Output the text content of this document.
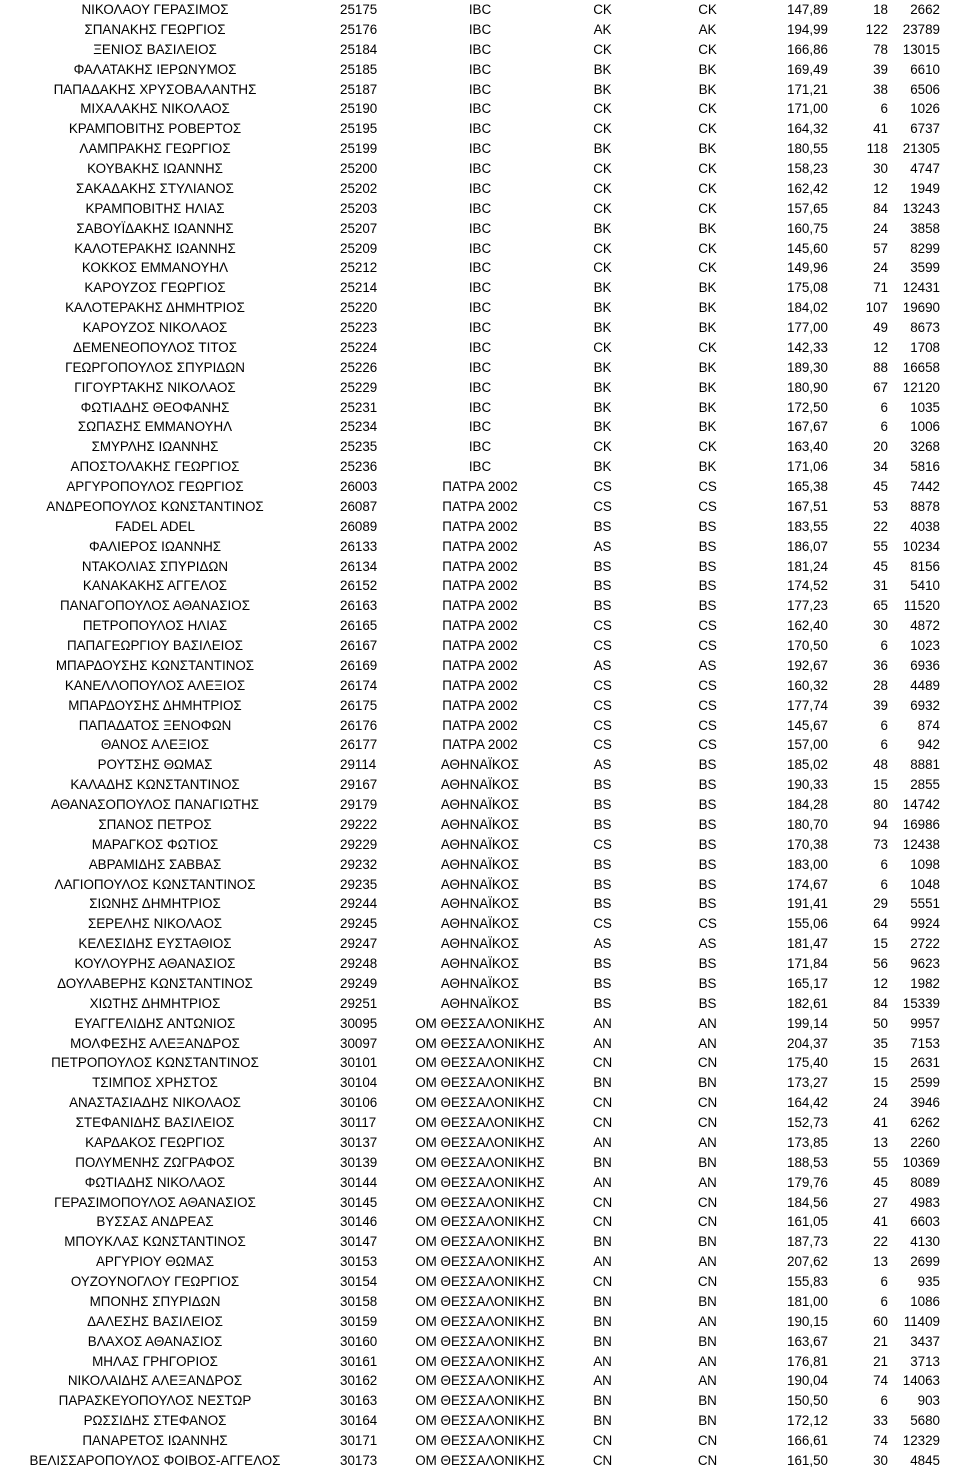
ΝΙΚΟΛΑΟΥ ΓΕΡΑΣΙΜΟΣ	25175	IBC	CK	CK	147,89	18	2662
ΣΠΑΝΑΚΗΣ ΓΕΩΡΓΙΟΣ	25176	IBC	AK	AK	194,99	122	23789
ΞΕΝΙΟΣ ΒΑΣΙΛΕΙΟΣ	25184	IBC	CK	CK	166,86	78	13015
ΦΑΛΑΤΑΚΗΣ ΙΕΡΩΝΥΜΟΣ	25185	IBC	BK	BK	169,49	39	6610
ΠΑΠΑΔΑΚΗΣ ΧΡΥΣΟΒΑΛΑΝΤΗΣ	25187	IBC	BK	BK	171,21	38	6506
ΜΙΧΑΛΑΚΗΣ ΝΙΚΟΛΑΟΣ	25190	IBC	CK	CK	171,00	6	1026
ΚΡΑΜΠΟΒΙΤΗΣ ΡΟΒΕΡΤΟΣ	25195	IBC	CK	CK	164,32	41	6737
ΛΑΜΠΡΑΚΗΣ ΓΕΩΡΓΙΟΣ	25199	IBC	BK	BK	180,55	118	21305
ΚΟΥΒΑΚΗΣ ΙΩΑΝΝΗΣ	25200	IBC	CK	CK	158,23	30	4747
ΣΑΚΑΔΑΚΗΣ ΣΤΥΛΙΑΝΟΣ	25202	IBC	CK	CK	162,42	12	1949
ΚΡΑΜΠΟΒΙΤΗΣ ΗΛΙΑΣ	25203	IBC	CK	CK	157,65	84	13243
ΣΑΒΟΥΪΔΑΚΗΣ ΙΩΑΝΝΗΣ	25207	IBC	BK	BK	160,75	24	3858
ΚΑΛΟΤΕΡΑΚΗΣ ΙΩΑΝΝΗΣ	25209	IBC	CK	CK	145,60	57	8299
ΚΟΚΚΟΣ ΕΜΜΑΝΟΥΗΛ	25212	IBC	CK	CK	149,96	24	3599
ΚΑΡΟΥΖΟΣ ΓΕΩΡΓΙΟΣ	25214	IBC	BK	BK	175,08	71	12431
ΚΑΛΟΤΕΡΑΚΗΣ ΔΗΜΗΤΡΙΟΣ	25220	IBC	BK	BK	184,02	107	19690
ΚΑΡΟΥΖΟΣ ΝΙΚΟΛΑΟΣ	25223	IBC	BK	BK	177,00	49	8673
ΔΕΜΕΝΕΟΠΟΥΛΟΣ ΤΙΤΟΣ	25224	IBC	CK	CK	142,33	12	1708
ΓΕΩΡΓΟΠΟΥΛΟΣ ΣΠΥΡΙΔΩΝ	25226	IBC	BK	BK	189,30	88	16658
ΓΙΓΟΥΡΤΑΚΗΣ ΝΙΚΟΛΑΟΣ	25229	IBC	BK	BK	180,90	67	12120
ΦΩΤΙΑΔΗΣ ΘΕΟΦΑΝΗΣ	25231	IBC	BK	BK	172,50	6	1035
ΣΩΠΑΣΗΣ ΕΜΜΑΝΟΥΗΛ	25234	IBC	BK	BK	167,67	6	1006
ΣΜΥΡΛΗΣ ΙΩΑΝΝΗΣ	25235	IBC	CK	CK	163,40	20	3268
ΑΠΟΣΤΟΛΑΚΗΣ ΓΕΩΡΓΙΟΣ	25236	IBC	BK	BK	171,06	34	5816
ΑΡΓΥΡΟΠΟΥΛΟΣ ΓΕΩΡΓΙΟΣ	26003	ΠΑΤΡΑ 2002	CS	CS	165,38	45	7442
ΑΝΔΡΕΟΠΟΥΛΟΣ ΚΩΝΣΤΑΝΤΙΝΟΣ	26087	ΠΑΤΡΑ 2002	CS	CS	167,51	53	8878
FADEL ADEL	26089	ΠΑΤΡΑ 2002	BS	BS	183,55	22	4038
ΦΑΛΙΕΡΟΣ ΙΩΑΝΝΗΣ	26133	ΠΑΤΡΑ 2002	AS	BS	186,07	55	10234
ΝΤΑΚΟΛΙΑΣ ΣΠΥΡΙΔΩΝ	26134	ΠΑΤΡΑ 2002	BS	BS	181,24	45	8156
ΚΑΝΑΚΑΚΗΣ ΑΓΓΕΛΟΣ	26152	ΠΑΤΡΑ 2002	BS	BS	174,52	31	5410
ΠΑΝΑΓΟΠΟΥΛΟΣ ΑΘΑΝΑΣΙΟΣ	26163	ΠΑΤΡΑ 2002	BS	BS	177,23	65	11520
ΠΕΤΡΟΠΟΥΛΟΣ ΗΛΙΑΣ	26165	ΠΑΤΡΑ 2002	CS	CS	162,40	30	4872
ΠΑΠΑΓΕΩΡΓΙΟΥ ΒΑΣΙΛΕΙΟΣ	26167	ΠΑΤΡΑ 2002	CS	CS	170,50	6	1023
ΜΠΑΡΔΟΥΣΗΣ ΚΩΝΣΤΑΝΤΙΝΟΣ	26169	ΠΑΤΡΑ 2002	AS	AS	192,67	36	6936
ΚΑΝΕΛΛΟΠΟΥΛΟΣ ΑΛΕΞΙΟΣ	26174	ΠΑΤΡΑ 2002	CS	CS	160,32	28	4489
ΜΠΑΡΔΟΥΣΗΣ ΔΗΜΗΤΡΙΟΣ	26175	ΠΑΤΡΑ 2002	CS	CS	177,74	39	6932
ΠΑΠΑΔΑΤΟΣ ΞΕΝΟΦΩΝ	26176	ΠΑΤΡΑ 2002	CS	CS	145,67	6	874
ΘΑΝΟΣ ΑΛΕΞΙΟΣ	26177	ΠΑΤΡΑ 2002	CS	CS	157,00	6	942
ΡΟΥΤΣΗΣ ΘΩΜΑΣ	29114	ΑΘΗΝΑΪΚΟΣ	AS	BS	185,02	48	8881
ΚΑΛΑΔΗΣ ΚΩΝΣΤΑΝΤΙΝΟΣ	29167	ΑΘΗΝΑΪΚΟΣ	BS	BS	190,33	15	2855
ΑΘΑΝΑΣΟΠΟΥΛΟΣ ΠΑΝΑΓΙΩΤΗΣ	29179	ΑΘΗΝΑΪΚΟΣ	BS	BS	184,28	80	14742
ΣΠΑΝΟΣ ΠΕΤΡΟΣ	29222	ΑΘΗΝΑΪΚΟΣ	BS	BS	180,70	94	16986
ΜΑΡΑΓΚΟΣ ΦΩΤΙΟΣ	29229	ΑΘΗΝΑΪΚΟΣ	CS	BS	170,38	73	12438
ΑΒΡΑΜΙΔΗΣ ΣΑΒΒΑΣ	29232	ΑΘΗΝΑΪΚΟΣ	BS	BS	183,00	6	1098
ΛΑΓΙΟΠΟΥΛΟΣ ΚΩΝΣΤΑΝΤΙΝΟΣ	29235	ΑΘΗΝΑΪΚΟΣ	BS	BS	174,67	6	1048
ΣΙΩΝΗΣ ΔΗΜΗΤΡΙΟΣ	29244	ΑΘΗΝΑΪΚΟΣ	BS	BS	191,41	29	5551
ΣΕΡΕΛΗΣ ΝΙΚΟΛΑΟΣ	29245	ΑΘΗΝΑΪΚΟΣ	CS	CS	155,06	64	9924
ΚΕΛΕΣΙΔΗΣ ΕΥΣΤΑΘΙΟΣ	29247	ΑΘΗΝΑΪΚΟΣ	AS	AS	181,47	15	2722
ΚΟΥΛΟΥΡΗΣ ΑΘΑΝΑΣΙΟΣ	29248	ΑΘΗΝΑΪΚΟΣ	BS	BS	171,84	56	9623
ΔΟΥΛΑΒΕΡΗΣ ΚΩΝΣΤΑΝΤΙΝΟΣ	29249	ΑΘΗΝΑΪΚΟΣ	BS	BS	165,17	12	1982
ΧΙΩΤΗΣ ΔΗΜΗΤΡΙΟΣ	29251	ΑΘΗΝΑΪΚΟΣ	BS	BS	182,61	84	15339
ΕΥΑΓΓΕΛΙΔΗΣ ΑΝΤΩΝΙΟΣ	30095	ΟΜ ΘΕΣΣΑΛΟΝΙΚΗΣ	AN	AN	199,14	50	9957
ΜΟΛΦΕΣΗΣ ΑΛΕΞΑΝΔΡΟΣ	30097	ΟΜ ΘΕΣΣΑΛΟΝΙΚΗΣ	AN	AN	204,37	35	7153
ΠΕΤΡΟΠΟΥΛΟΣ ΚΩΝΣΤΑΝΤΙΝΟΣ	30101	ΟΜ ΘΕΣΣΑΛΟΝΙΚΗΣ	CN	CN	175,40	15	2631
ΤΣΙΜΠΟΣ ΧΡΗΣΤΟΣ	30104	ΟΜ ΘΕΣΣΑΛΟΝΙΚΗΣ	BN	BN	173,27	15	2599
ΑΝΑΣΤΑΣΙΑΔΗΣ ΝΙΚΟΛΑΟΣ	30106	ΟΜ ΘΕΣΣΑΛΟΝΙΚΗΣ	CN	CN	164,42	24	3946
ΣΤΕΦΑΝΙΔΗΣ ΒΑΣΙΛΕΙΟΣ	30117	ΟΜ ΘΕΣΣΑΛΟΝΙΚΗΣ	CN	CN	152,73	41	6262
ΚΑΡΔΑΚΟΣ ΓΕΩΡΓΙΟΣ	30137	ΟΜ ΘΕΣΣΑΛΟΝΙΚΗΣ	AN	AN	173,85	13	2260
ΠΟΛΥΜΕΝΗΣ ΖΩΓΡΑΦΟΣ	30139	ΟΜ ΘΕΣΣΑΛΟΝΙΚΗΣ	BN	BN	188,53	55	10369
ΦΩΤΙΑΔΗΣ ΝΙΚΟΛΑΟΣ	30144	ΟΜ ΘΕΣΣΑΛΟΝΙΚΗΣ	AN	AN	179,76	45	8089
ΓΕΡΑΣΙΜΟΠΟΥΛΟΣ ΑΘΑΝΑΣΙΟΣ	30145	ΟΜ ΘΕΣΣΑΛΟΝΙΚΗΣ	CN	CN	184,56	27	4983
ΒΥΣΣΑΣ ΑΝΔΡΕΑΣ	30146	ΟΜ ΘΕΣΣΑΛΟΝΙΚΗΣ	CN	CN	161,05	41	6603
ΜΠΟΥΚΛΑΣ ΚΩΝΣΤΑΝΤΙΝΟΣ	30147	ΟΜ ΘΕΣΣΑΛΟΝΙΚΗΣ	BN	BN	187,73	22	4130
ΑΡΓΥΡΙΟΥ ΘΩΜΑΣ	30153	ΟΜ ΘΕΣΣΑΛΟΝΙΚΗΣ	AN	AN	207,62	13	2699
ΟΥΖΟΥΝΟΓΛΟΥ ΓΕΩΡΓΙΟΣ	30154	ΟΜ ΘΕΣΣΑΛΟΝΙΚΗΣ	CN	CN	155,83	6	935
ΜΠΟΝΗΣ ΣΠΥΡΙΔΩΝ	30158	ΟΜ ΘΕΣΣΑΛΟΝΙΚΗΣ	BN	BN	181,00	6	1086
ΔΑΛΕΣΗΣ ΒΑΣΙΛΕΙΟΣ	30159	ΟΜ ΘΕΣΣΑΛΟΝΙΚΗΣ	BN	AN	190,15	60	11409
ΒΛΑΧΟΣ ΑΘΑΝΑΣΙΟΣ	30160	ΟΜ ΘΕΣΣΑΛΟΝΙΚΗΣ	BN	BN	163,67	21	3437
ΜΗΛΑΣ ΓΡΗΓΟΡΙΟΣ	30161	ΟΜ ΘΕΣΣΑΛΟΝΙΚΗΣ	AN	AN	176,81	21	3713
ΝΙΚΟΛΑΙΔΗΣ ΑΛΕΞΑΝΔΡΟΣ	30162	ΟΜ ΘΕΣΣΑΛΟΝΙΚΗΣ	AN	AN	190,04	74	14063
ΠΑΡΑΣΚΕΥΟΠΟΥΛΟΣ ΝΕΣΤΩΡ	30163	ΟΜ ΘΕΣΣΑΛΟΝΙΚΗΣ	BN	BN	150,50	6	903
ΡΩΣΣΙΔΗΣ ΣΤΕΦΑΝΟΣ	30164	ΟΜ ΘΕΣΣΑΛΟΝΙΚΗΣ	BN	BN	172,12	33	5680
ΠΑΝΑΡΕΤΟΣ ΙΩΑΝΝΗΣ	30171	ΟΜ ΘΕΣΣΑΛΟΝΙΚΗΣ	CN	CN	166,61	74	12329
ΒΕΛΙΣΣΑΡΟΠΟΥΛΟΣ ΦΟΙΒΟΣ-ΑΓΓΕΛΟΣ	30173	ΟΜ ΘΕΣΣΑΛΟΝΙΚΗΣ	CN	CN	161,50	30	4845
